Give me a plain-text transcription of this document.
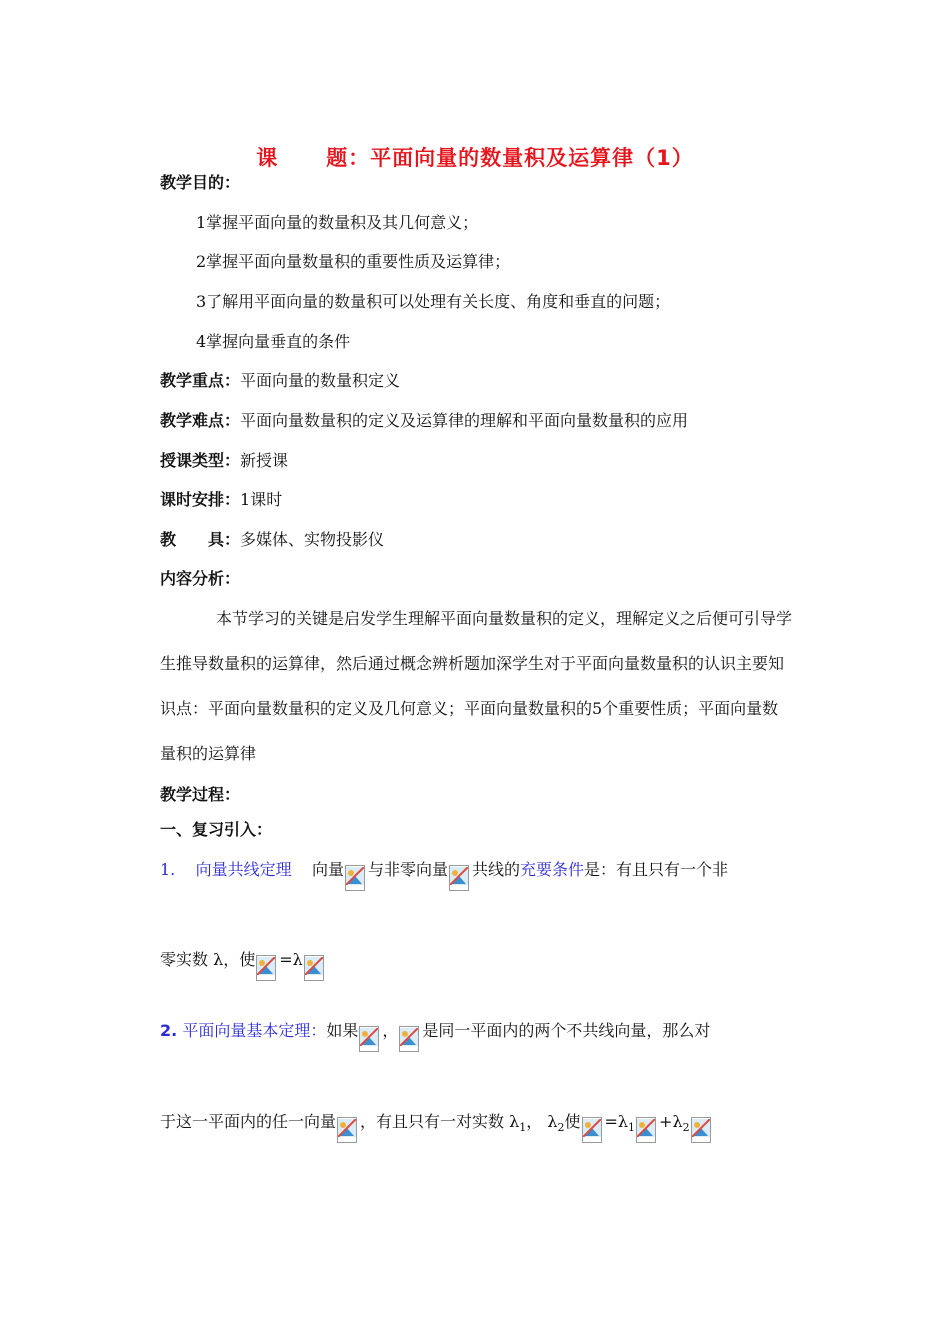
课 题：平面向量的数量积及运算律（1）
教学目的：
1掌握平面向量的数量积及其几何意义；
2掌握平面向量数量积的重要性质及运算律；
3了解用平面向量的数量积可以处理有关长度、角度和垂直的问题；
4掌握向量垂直的条件
教学重点：平面向量的数量积定义
教学难点：平面向量数量积的定义及运算律的理解和平面向量数量积的应用
授课类型：新授课
课时安排：1课时
教　　具：多媒体、实物投影仪
内容分析：
本节学习的关键是启发学生理解平面向量数量积的定义，理解定义之后便可引导学生推导数量积的运算律，然后通过概念辨析题加深学生对于平面向量数量积的认识主要知识点：平面向量数量积的定义及几何意义；平面向量数量积的5个重要性质；平面向量数量积的运算律
教学过程：
一、复习引入：
1. 向量共线定理 向量 与非零向量 共线的充要条件是：有且只有一个非
零实数 λ，使 =λ
2. 平面向量基本定理：如果 ， 是同一平面内的两个不共线向量，那么对
于这一平面内的任一向量 ，有且只有一对实数 $\lambda_1$， $\lambda_2$使 $=\lambda_1 +\lambda_2$
